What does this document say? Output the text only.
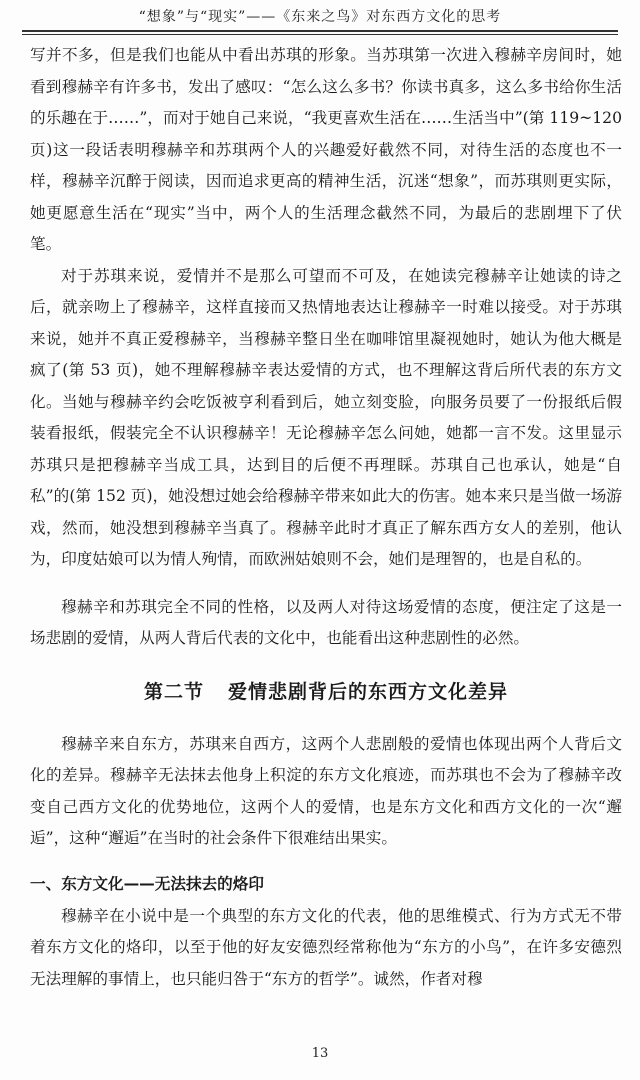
“想象”与“现实”——《东来之鸟》对东西方文化的思考

写并不多，但是我们也能从中看出苏琪的形象。当苏琪第一次进入穆赫辛房间时，她看到穆赫辛有许多书，发出了感叹：“怎么这么多书？你读书真多，这么多书给你生活的乐趣在于……”，而对于她自己来说，“我更喜欢生活在……生活当中”(第 119~120 页)这一段话表明穆赫辛和苏琪两个人的兴趣爱好截然不同，对待生活的态度也不一样，穆赫辛沉醉于阅读，因而追求更高的精神生活，沉迷“想象”，而苏琪则更实际，她更愿意生活在“现实”当中，两个人的生活理念截然不同，为最后的悲剧埋下了伏笔。

对于苏琪来说，爱情并不是那么可望而不可及，在她读完穆赫辛让她读的诗之后，就亲吻上了穆赫辛，这样直接而又热情地表达让穆赫辛一时难以接受。对于苏琪来说，她并不真正爱穆赫辛，当穆赫辛整日坐在咖啡馆里凝视她时，她认为他大概是疯了(第 53 页)，她不理解穆赫辛表达爱情的方式，也不理解这背后所代表的东方文化。当她与穆赫辛约会吃饭被亨利看到后，她立刻变脸，向服务员要了一份报纸后假装看报纸，假装完全不认识穆赫辛！无论穆赫辛怎么问她，她都一言不发。这里显示苏琪只是把穆赫辛当成工具，达到目的后便不再理睬。苏琪自己也承认，她是“自私”的(第 152 页)，她没想过她会给穆赫辛带来如此大的伤害。她本来只是当做一场游戏，然而，她没想到穆赫辛当真了。穆赫辛此时才真正了解东西方女人的差别，他认为，印度姑娘可以为情人殉情，而欧洲姑娘则不会，她们是理智的，也是自私的。

穆赫辛和苏琪完全不同的性格，以及两人对待这场爱情的态度，便注定了这是一场悲剧的爱情，从两人背后代表的文化中，也能看出这种悲剧性的必然。

第二节 爱情悲剧背后的东西方文化差异

穆赫辛来自东方，苏琪来自西方，这两个人悲剧般的爱情也体现出两个人背后文化的差异。穆赫辛无法抹去他身上积淀的东方文化痕迹，而苏琪也不会为了穆赫辛改变自己西方文化的优势地位，这两个人的爱情，也是东方文化和西方文化的一次“邂逅”，这种“邂逅”在当时的社会条件下很难结出果实。

一、东方文化——无法抹去的烙印

穆赫辛在小说中是一个典型的东方文化的代表，他的思维模式、行为方式无不带着东方文化的烙印，以至于他的好友安德烈经常称他为“东方的小鸟”，在许多安德烈无法理解的事情上，也只能归咎于“东方的哲学”。诚然，作者对穆

13
